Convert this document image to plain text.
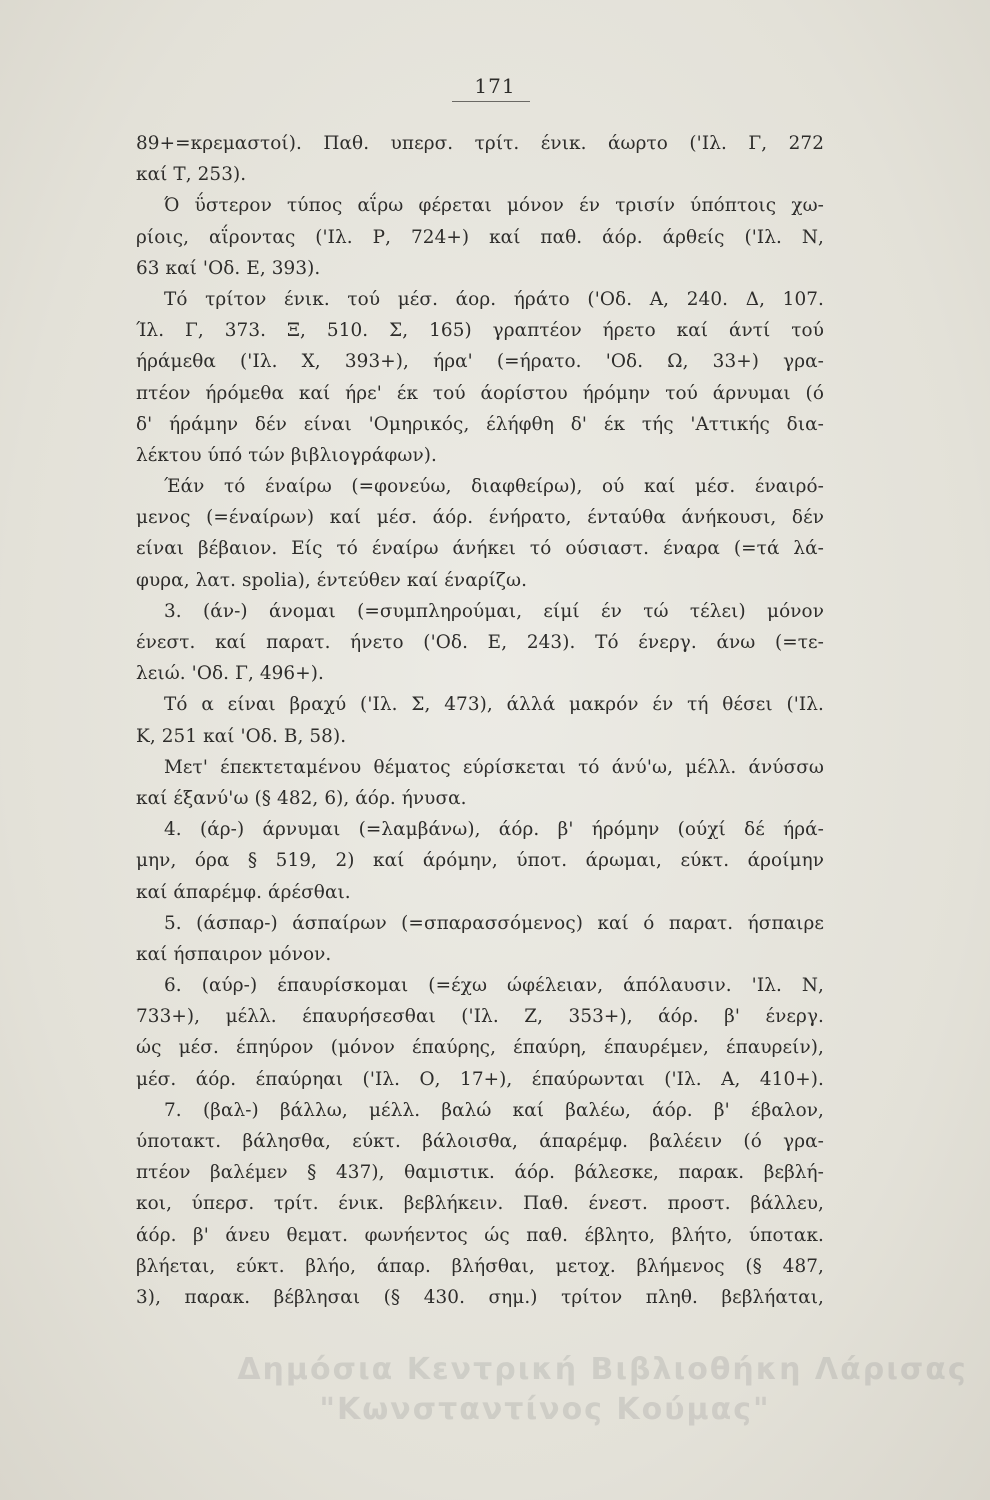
171
89+=κρεμαστοί). Παθ. υπερσ. τρίτ. ένικ. άωρτο ('Ιλ. Γ, 272
καί Τ, 253).
Ό ΰστερον τύπος αΐρω φέρεται μόνον έν τρισίν ύπόπτοις χω-
ρίοις, αΐροντας ('Ιλ. Ρ, 724+) καί παθ. άόρ. άρθείς ('Ιλ. Ν,
63 καί 'Οδ. Ε, 393).
Τό τρίτον ένικ. τού μέσ. άορ. ήράτο ('Οδ. Α, 240. Δ, 107.
Ίλ. Γ, 373. Ξ, 510. Σ, 165) γραπτέον ήρετο καί άντί τού
ήράμεθα ('Ιλ. Χ, 393+), ήρα' (=ήρατο. 'Οδ. Ω, 33+) γρα-
πτέον ήρόμεθα καί ήρε' έκ τού άορίστου ήρόμην τού άρνυμαι (ό
δ' ήράμην δέν είναι 'Ομηρικός, έλήφθη δ' έκ τής 'Αττικής δια-
λέκτου ύπό τών βιβλιογράφων).
Έάν τό έναίρω (=φονεύω, διαφθείρω), ού καί μέσ. έναιρό-
μενος (=έναίρων) καί μέσ. άόρ. ένήρατο, ένταύθα άνήκουσι, δέν
είναι βέβαιον. Είς τό έναίρω άνήκει τό ούσιαστ. έναρα (=τά λά-
φυρα, λατ. spolia), έντεύθεν καί έναρίζω.
3. (άν-) άνομαι (=συμπληρούμαι, είμί έν τώ τέλει) μόνον
ένεστ. καί παρατ. ήνετο ('Οδ. Ε, 243). Τό ένεργ. άνω (=τε-
λειώ. 'Οδ. Γ, 496+).
Τό α είναι βραχύ ('Ιλ. Σ, 473), άλλά μακρόν έν τή θέσει ('Ιλ.
Κ, 251 καί 'Οδ. Β, 58).
Μετ' έπεκτεταμένου θέματος εύρίσκεται τό άνύ'ω, μέλλ. άνύσσω
καί έξανύ'ω (§ 482, 6), άόρ. ήνυσα.
4. (άρ-) άρνυμαι (=λαμβάνω), άόρ. β' ήρόμην (ούχί δέ ήρά-
μην, όρα § 519, 2) καί άρόμην, ύποτ. άρωμαι, εύκτ. άροίμην
καί άπαρέμφ. άρέσθαι.
5. (άσπαρ-) άσπαίρων (=σπαρασσόμενος) καί ό παρατ. ήσπαιρε
καί ήσπαιρον μόνον.
6. (αύρ-) έπαυρίσκομαι (=έχω ώφέλειαν, άπόλαυσιν. 'Ιλ. Ν,
733+), μέλλ. έπαυρήσεσθαι ('Ιλ. Ζ, 353+), άόρ. β' ένεργ.
ώς μέσ. έπηύρον (μόνον έπαύρης, έπαύρη, έπαυρέμεν, έπαυρείν),
μέσ. άόρ. έπαύρηαι ('Ιλ. Ο, 17+), έπαύρωνται ('Ιλ. Α, 410+).
7. (βαλ-) βάλλω, μέλλ. βαλώ καί βαλέω, άόρ. β' έβαλον,
ύποτακτ. βάλησθα, εύκτ. βάλοισθα, άπαρέμφ. βαλέειν (ό γρα-
πτέον βαλέμεν § 437), θαμιστικ. άόρ. βάλεσκε, παρακ. βεβλή-
κοι, ύπερσ. τρίτ. ένικ. βεβλήκειν. Παθ. ένεστ. προστ. βάλλευ,
άόρ. β' άνευ θεματ. φωνήεντος ώς παθ. έβλητο, βλήτο, ύποτακ.
βλήεται, εύκτ. βλήο, άπαρ. βλήσθαι, μετοχ. βλήμενος (§ 487,
3), παρακ. βέβλησαι (§ 430. σημ.) τρίτον πληθ. βεβλήαται,
Δημόσια Κεντρική Βιβλιοθήκη Λάρισας
"Κωνσταντίνος Κούμας"
